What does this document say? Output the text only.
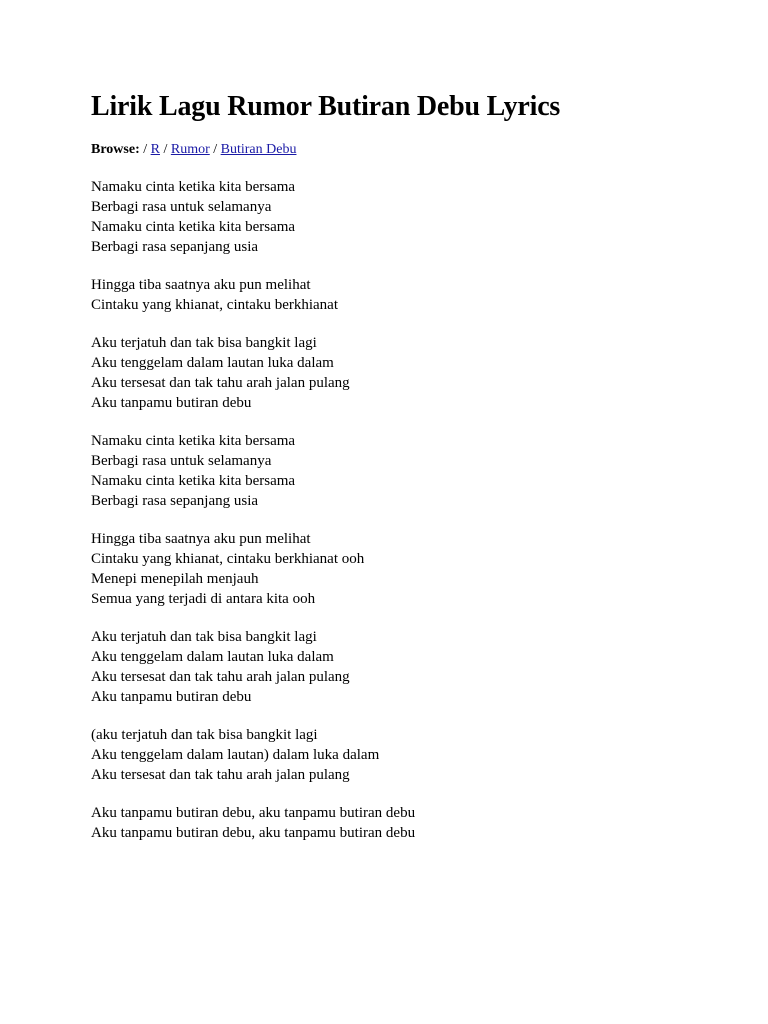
Lirik Lagu Rumor Butiran Debu Lyrics
Browse: / R / Rumor / Butiran Debu
Namaku cinta ketika kita bersama
Berbagi rasa untuk selamanya
Namaku cinta ketika kita bersama
Berbagi rasa sepanjang usia
Hingga tiba saatnya aku pun melihat
Cintaku yang khianat, cintaku berkhianat
Aku terjatuh dan tak bisa bangkit lagi
Aku tenggelam dalam lautan luka dalam
Aku tersesat dan tak tahu arah jalan pulang
Aku tanpamu butiran debu
Namaku cinta ketika kita bersama
Berbagi rasa untuk selamanya
Namaku cinta ketika kita bersama
Berbagi rasa sepanjang usia
Hingga tiba saatnya aku pun melihat
Cintaku yang khianat, cintaku berkhianat ooh
Menepi menepilah menjauh
Semua yang terjadi di antara kita ooh
Aku terjatuh dan tak bisa bangkit lagi
Aku tenggelam dalam lautan luka dalam
Aku tersesat dan tak tahu arah jalan pulang
Aku tanpamu butiran debu
(aku terjatuh dan tak bisa bangkit lagi
Aku tenggelam dalam lautan) dalam luka dalam
Aku tersesat dan tak tahu arah jalan pulang
Aku tanpamu butiran debu, aku tanpamu butiran debu
Aku tanpamu butiran debu, aku tanpamu butiran debu
